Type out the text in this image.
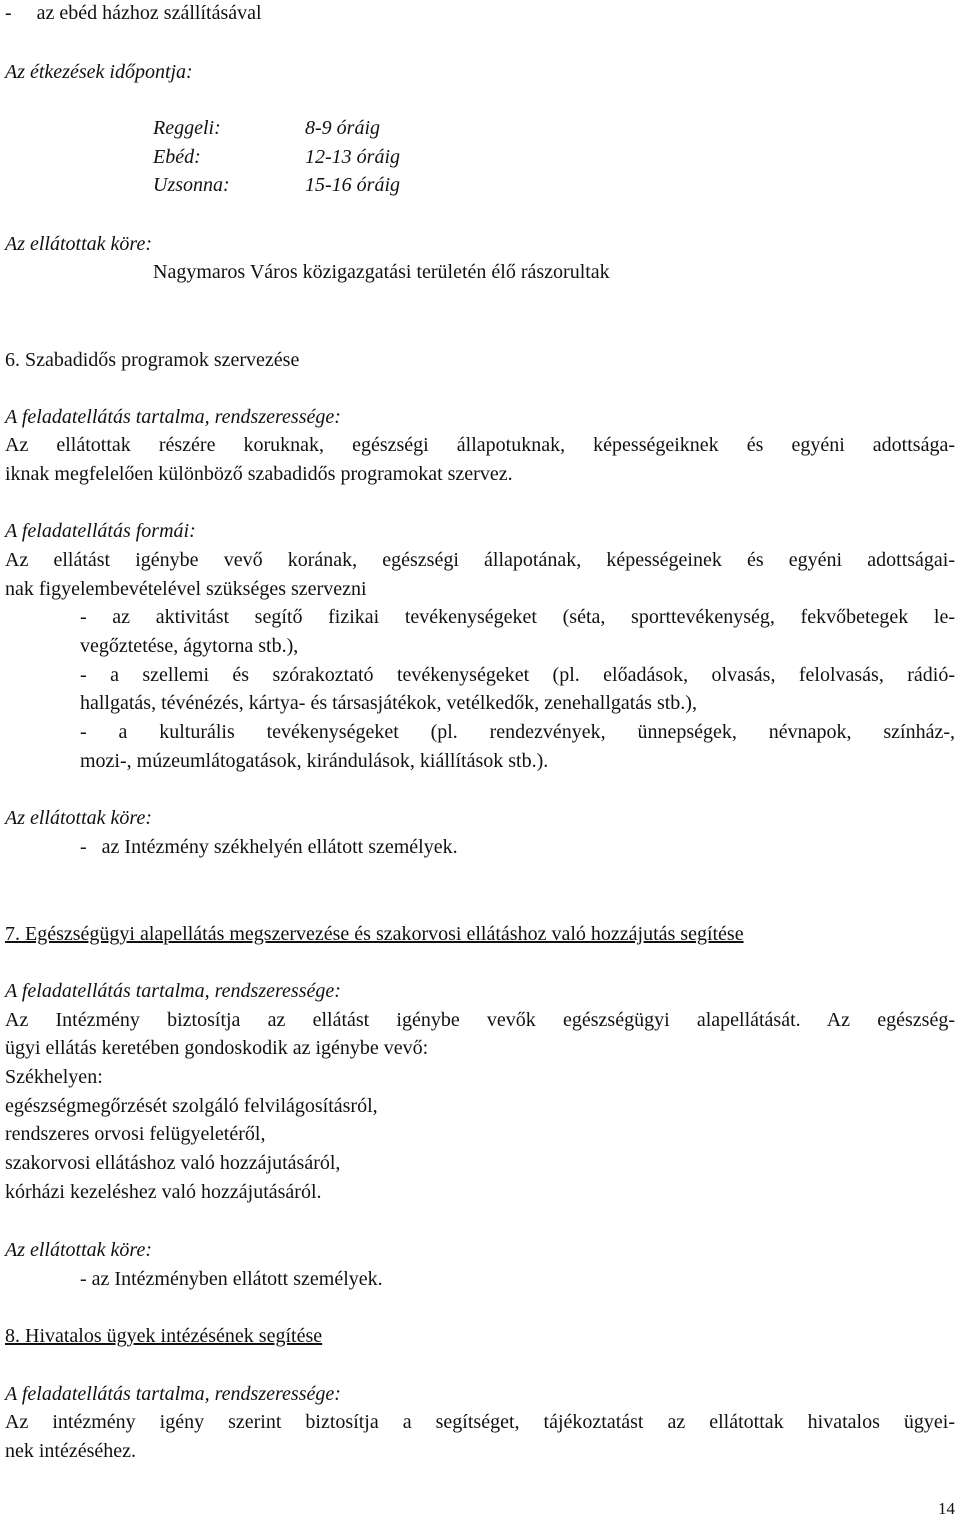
-     az ebéd házhoz szállításával
Az étkezések időpontja:
Reggeli:	8-9 óráig
Ebéd:	12-13 óráig
Uzsonna:	15-16 óráig
Az ellátottak köre:
Nagymaros Város közigazgatási területén élő rászorultak
6. Szabadidős programok szervezése
A feladatellátás tartalma, rendszeressége:
Az ellátottak részére koruknak, egészségi állapotuknak, képességeiknek és egyéni adottsága-
iknak megfelelően különböző szabadidős programokat szervez.
A feladatellátás formái:
Az ellátást igénybe vevő korának, egészségi állapotának, képességeinek és egyéni adottságai-
nak figyelembevételével szükséges szervezni
- az aktivitást segítő fizikai tevékenységeket (séta, sporttevékenység, fekvőbetegek le-
vegőztetése, ágytorna stb.),
- a szellemi és szórakoztató tevékenységeket (pl. előadások, olvasás, felolvasás, rádió-
hallgatás, tévénézés, kártya- és társasjátékok, vetélkedők, zenehallgatás stb.),
- a kulturális tevékenységeket (pl. rendezvények, ünnepségek, névnapok, színház-,
mozi-, múzeumlátogatások, kirándulások, kiállítások stb.).
Az ellátottak köre:
-   az Intézmény székhelyén ellátott személyek.
7. Egészségügyi alapellátás megszervezése és szakorvosi ellátáshoz való hozzájutás segítése
A feladatellátás tartalma, rendszeressége:
Az Intézmény biztosítja az ellátást igénybe vevők egészségügyi alapellátását. Az egészség-
ügyi ellátás keretében gondoskodik az igénybe vevő:
Székhelyen:
egészségmegőrzését szolgáló felvilágosításról,
rendszeres orvosi felügyeletéről,
szakorvosi ellátáshoz való hozzájutásáról,
kórházi kezeléshez való hozzájutásáról.
Az ellátottak köre:
- az Intézményben ellátott személyek.
8. Hivatalos ügyek intézésének segítése
A feladatellátás tartalma, rendszeressége:
Az intézmény igény szerint biztosítja a segítséget, tájékoztatást az ellátottak hivatalos ügyei-
nek intézéséhez.
14
